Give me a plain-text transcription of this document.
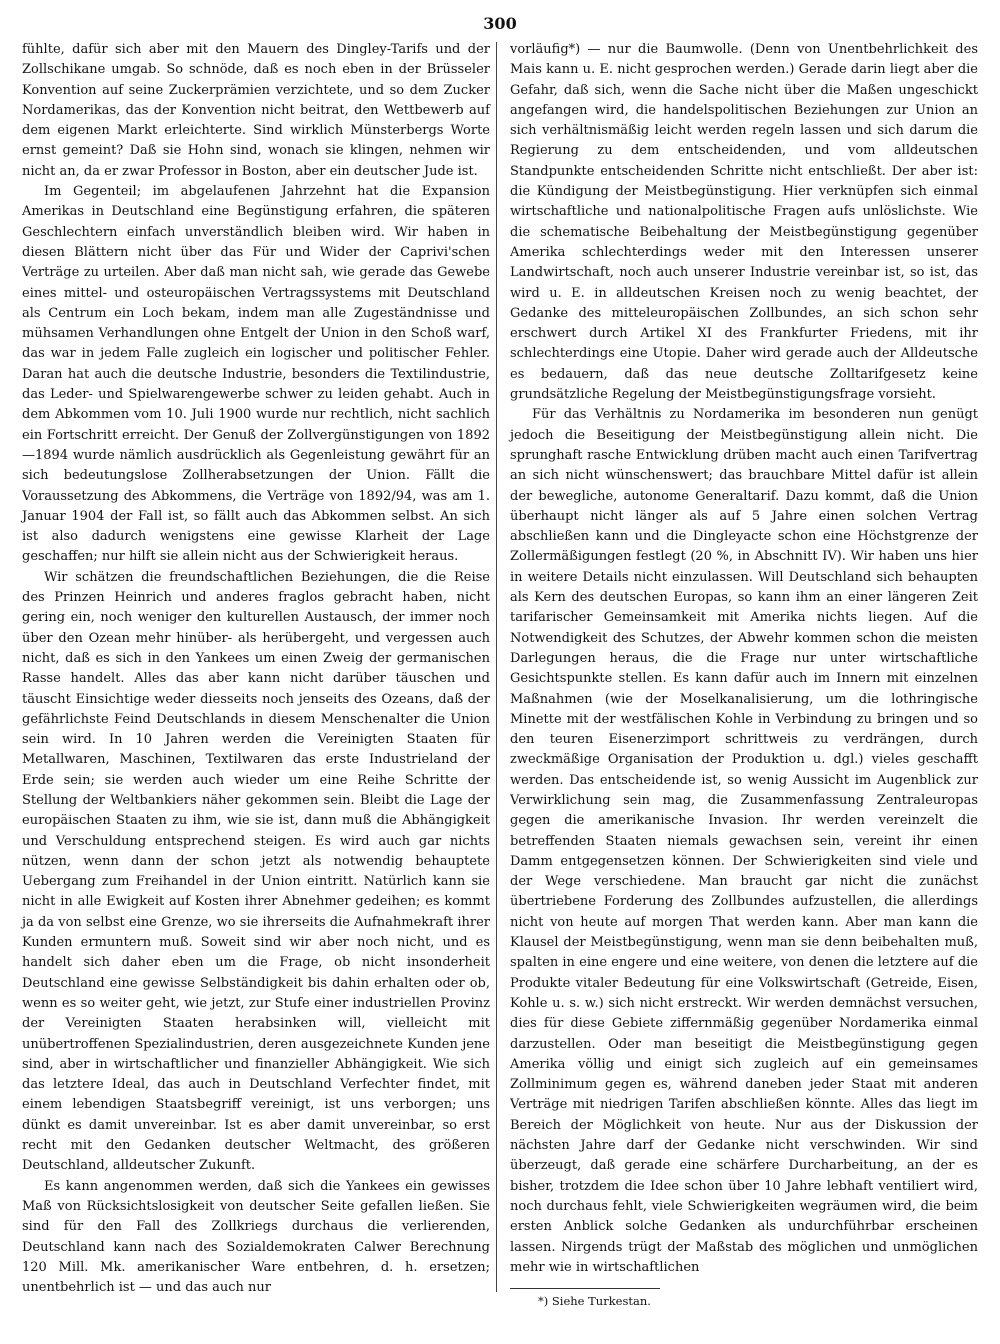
300

fühlte, dafür sich aber mit den Mauern des Dingley-Tarifs und der Zollschikane umgab. So schnöde, daß es noch eben in der Brüsseler Konvention auf seine Zuckerprämien verzichtete, und so dem Zucker Nordamerikas, das der Konvention nicht beitrat, den Wettbewerb auf dem eigenen Markt erleichterte. Sind wirklich Münsterbergs Worte ernst gemeint? Daß sie Hohn sind, wonach sie klingen, nehmen wir nicht an, da er zwar Professor in Boston, aber ein deutscher Jude ist.

Im Gegenteil; im abgelaufenen Jahrzehnt hat die Expansion Amerikas in Deutschland eine Begünstigung erfahren, die späteren Geschlechtern einfach unverständlich bleiben wird. Wir haben in diesen Blättern nicht über das Für und Wider der Caprivi'schen Verträge zu urteilen. Aber daß man nicht sah, wie gerade das Gewebe eines mittel- und osteuropäischen Vertragssystems mit Deutschland als Centrum ein Loch bekam, indem man alle Zugeständnisse und mühsamen Verhandlungen ohne Entgelt der Union in den Schoß warf, das war in jedem Falle zugleich ein logischer und politischer Fehler. Daran hat auch die deutsche Industrie, besonders die Textilindustrie, das Leder- und Spielwarengewerbe schwer zu leiden gehabt. Auch in dem Abkommen vom 10. Juli 1900 wurde nur rechtlich, nicht sachlich ein Fortschritt erreicht. Der Genuß der Zollvergünstigungen von 1892—1894 wurde nämlich ausdrücklich als Gegenleistung gewährt für an sich bedeutungslose Zollherabsetzungen der Union. Fällt die Voraussetzung des Abkommens, die Verträge von 1892/94, was am 1. Januar 1904 der Fall ist, so fällt auch das Abkommen selbst. An sich ist also dadurch wenigstens eine gewisse Klarheit der Lage geschaffen; nur hilft sie allein nicht aus der Schwierigkeit heraus.

Wir schätzen die freundschaftlichen Beziehungen, die die Reise des Prinzen Heinrich und anderes fraglos gebracht haben, nicht gering ein, noch weniger den kulturellen Austausch, der immer noch über den Ozean mehr hinüber- als herübergeht, und vergessen auch nicht, daß es sich in den Yankees um einen Zweig der germanischen Rasse handelt. Alles das aber kann nicht darüber täuschen und täuscht Einsichtige weder diesseits noch jenseits des Ozeans, daß der gefährlichste Feind Deutschlands in diesem Menschenalter die Union sein wird. In 10 Jahren werden die Vereinigten Staaten für Metallwaren, Maschinen, Textilwaren das erste Industrieland der Erde sein; sie werden auch wieder um eine Reihe Schritte der Stellung der Weltbankiers näher gekommen sein. Bleibt die Lage der europäischen Staaten zu ihm, wie sie ist, dann muß die Abhängigkeit und Verschuldung entsprechend steigen. Es wird auch gar nichts nützen, wenn dann der schon jetzt als notwendig behauptete Uebergang zum Freihandel in der Union eintritt. Natürlich kann sie nicht in alle Ewigkeit auf Kosten ihrer Abnehmer gedeihen; es kommt ja da von selbst eine Grenze, wo sie ihrerseits die Aufnahmekraft ihrer Kunden ermuntern muß. Soweit sind wir aber noch nicht, und es handelt sich daher eben um die Frage, ob nicht insonderheit Deutschland eine gewisse Selbständigkeit bis dahin erhalten oder ob, wenn es so weiter geht, wie jetzt, zur Stufe einer industriellen Provinz der Vereinigten Staaten herabsinken will, vielleicht mit unübertroffenen Spezialindustrien, deren ausgezeichnete Kunden jene sind, aber in wirtschaftlicher und finanzieller Abhängigkeit. Wie sich das letztere Ideal, das auch in Deutschland Verfechter findet, mit einem lebendigen Staatsbegriff vereinigt, ist uns verborgen; uns dünkt es damit unvereinbar. Ist es aber damit unvereinbar, so erst recht mit den Gedanken deutscher Weltmacht, des größeren Deutschland, alldeutscher Zukunft.

Es kann angenommen werden, daß sich die Yankees ein gewisses Maß von Rücksichtslosigkeit von deutscher Seite gefallen ließen. Sie sind für den Fall des Zollkriegs durchaus die verlierenden, Deutschland kann nach des Sozialdemokraten Calwer Berechnung 120 Mill. Mk. amerikanischer Ware entbehren, d. h. ersetzen; unentbehrlich ist — und das auch nur

vorläufig*) — nur die Baumwolle. (Denn von Unentbehrlichkeit des Mais kann u. E. nicht gesprochen werden.) Gerade darin liegt aber die Gefahr, daß sich, wenn die Sache nicht über die Maßen ungeschickt angefangen wird, die handelspolitischen Beziehungen zur Union an sich verhältnismäßig leicht werden regeln lassen und sich darum die Regierung zu dem entscheidenden, und vom alldeutschen Standpunkte entscheidenden Schritte nicht entschließt. Der aber ist: die Kündigung der Meistbegünstigung. Hier verknüpfen sich einmal wirtschaftliche und nationalpolitische Fragen aufs unlöslichste. Wie die schematische Beibehaltung der Meistbegünstigung gegenüber Amerika schlechterdings weder mit den Interessen unserer Landwirtschaft, noch auch unserer Industrie vereinbar ist, so ist, das wird u. E. in alldeutschen Kreisen noch zu wenig beachtet, der Gedanke des mitteleuropäischen Zollbundes, an sich schon sehr erschwert durch Artikel XI des Frankfurter Friedens, mit ihr schlechterdings eine Utopie. Daher wird gerade auch der Alldeutsche es bedauern, daß das neue deutsche Zolltarifgesetz keine grundsätzliche Regelung der Meistbegünstigungsfrage vorsieht.

Für das Verhältnis zu Nordamerika im besonderen nun genügt jedoch die Beseitigung der Meistbegünstigung allein nicht. Die sprunghaft rasche Entwicklung drüben macht auch einen Tarifvertrag an sich nicht wünschenswert; das brauchbare Mittel dafür ist allein der bewegliche, autonome Generaltarif. Dazu kommt, daß die Union überhaupt nicht länger als auf 5 Jahre einen solchen Vertrag abschließen kann und die Dingleyacte schon eine Höchstgrenze der Zollermäßigungen festlegt (20 %, in Abschnitt IV). Wir haben uns hier in weitere Details nicht einzulassen. Will Deutschland sich behaupten als Kern des deutschen Europas, so kann ihm an einer längeren Zeit tarifarischer Gemeinsamkeit mit Amerika nichts liegen. Auf die Notwendigkeit des Schutzes, der Abwehr kommen schon die meisten Darlegungen heraus, die die Frage nur unter wirtschaftliche Gesichtspunkte stellen. Es kann dafür auch im Innern mit einzelnen Maßnahmen (wie der Moselkanalisierung, um die lothringische Minette mit der westfälischen Kohle in Verbindung zu bringen und so den teuren Eisenerzimport schrittweis zu verdrängen, durch zweckmäßige Organisation der Produktion u. dgl.) vieles geschafft werden. Das entscheidende ist, so wenig Aussicht im Augenblick zur Verwirklichung sein mag, die Zusammenfassung Zentraleuropas gegen die amerikanische Invasion. Ihr werden vereinzelt die betreffenden Staaten niemals gewachsen sein, vereint ihr einen Damm entgegensetzen können. Der Schwierigkeiten sind viele und der Wege verschiedene. Man braucht gar nicht die zunächst übertriebene Forderung des Zollbundes aufzustellen, die allerdings nicht von heute auf morgen That werden kann. Aber man kann die Klausel der Meistbegünstigung, wenn man sie denn beibehalten muß, spalten in eine engere und eine weitere, von denen die letztere auf die Produkte vitaler Bedeutung für eine Volkswirtschaft (Getreide, Eisen, Kohle u. s. w.) sich nicht erstreckt. Wir werden demnächst versuchen, dies für diese Gebiete ziffernmäßig gegenüber Nordamerika einmal darzustellen. Oder man beseitigt die Meistbegünstigung gegen Amerika völlig und einigt sich zugleich auf ein gemeinsames Zollminimum gegen es, während daneben jeder Staat mit anderen Verträge mit niedrigen Tarifen abschließen könnte. Alles das liegt im Bereich der Möglichkeit von heute. Nur aus der Diskussion der nächsten Jahre darf der Gedanke nicht verschwinden. Wir sind überzeugt, daß gerade eine schärfere Durcharbeitung, an der es bisher, trotzdem die Idee schon über 10 Jahre lebhaft ventiliert wird, noch durchaus fehlt, viele Schwierigkeiten wegräumen wird, die beim ersten Anblick solche Gedanken als undurchführbar erscheinen lassen. Nirgends trügt der Maßstab des möglichen und unmöglichen mehr wie in wirtschaftlichen

*) Siehe Turkestan.
